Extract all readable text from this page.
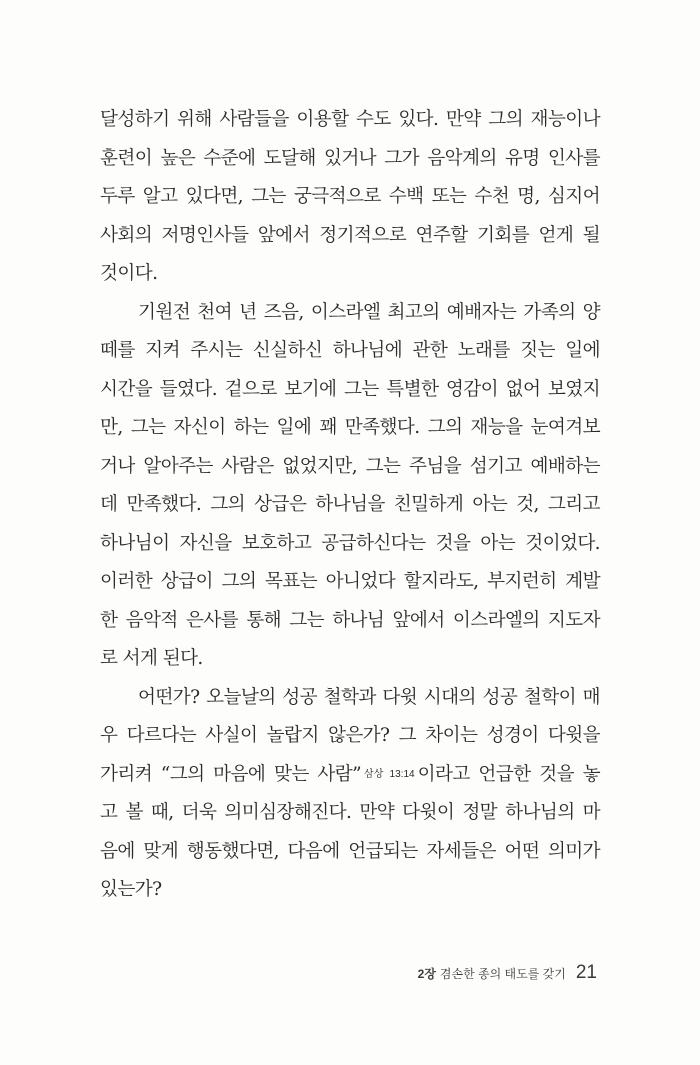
달성하기 위해 사람들을 이용할 수도 있다. 만약 그의 재능이나
훈련이 높은 수준에 도달해 있거나 그가 음악계의 유명 인사를
두루 알고 있다면, 그는 궁극적으로 수백 또는 수천 명, 심지어
사회의 저명인사들 앞에서 정기적으로 연주할 기회를 얻게 될
것이다.
기원전 천여 년 즈음, 이스라엘 최고의 예배자는 가족의 양
떼를 지켜 주시는 신실하신 하나님에 관한 노래를 짓는 일에
시간을 들였다. 겉으로 보기에 그는 특별한 영감이 없어 보였지
만, 그는 자신이 하는 일에 꽤 만족했다. 그의 재능을 눈여겨보
거나 알아주는 사람은 없었지만, 그는 주님을 섬기고 예배하는
데 만족했다. 그의 상급은 하나님을 친밀하게 아는 것, 그리고
하나님이 자신을 보호하고 공급하신다는 것을 아는 것이었다.
이러한 상급이 그의 목표는 아니었다 할지라도, 부지런히 계발
한 음악적 은사를 통해 그는 하나님 앞에서 이스라엘의 지도자
로 서게 된다.
어떤가? 오늘날의 성공 철학과 다윗 시대의 성공 철학이 매
우 다르다는 사실이 놀랍지 않은가? 그 차이는 성경이 다윗을
가리켜 “그의 마음에 맞는 사람” 삼상 13:14 이라고 언급한 것을 놓
고 볼 때, 더욱 의미심장해진다. 만약 다윗이 정말 하나님의 마
음에 맞게 행동했다면, 다음에 언급되는 자세들은 어떤 의미가
있는가?
2장 겸손한 종의 태도를 갖기 21
